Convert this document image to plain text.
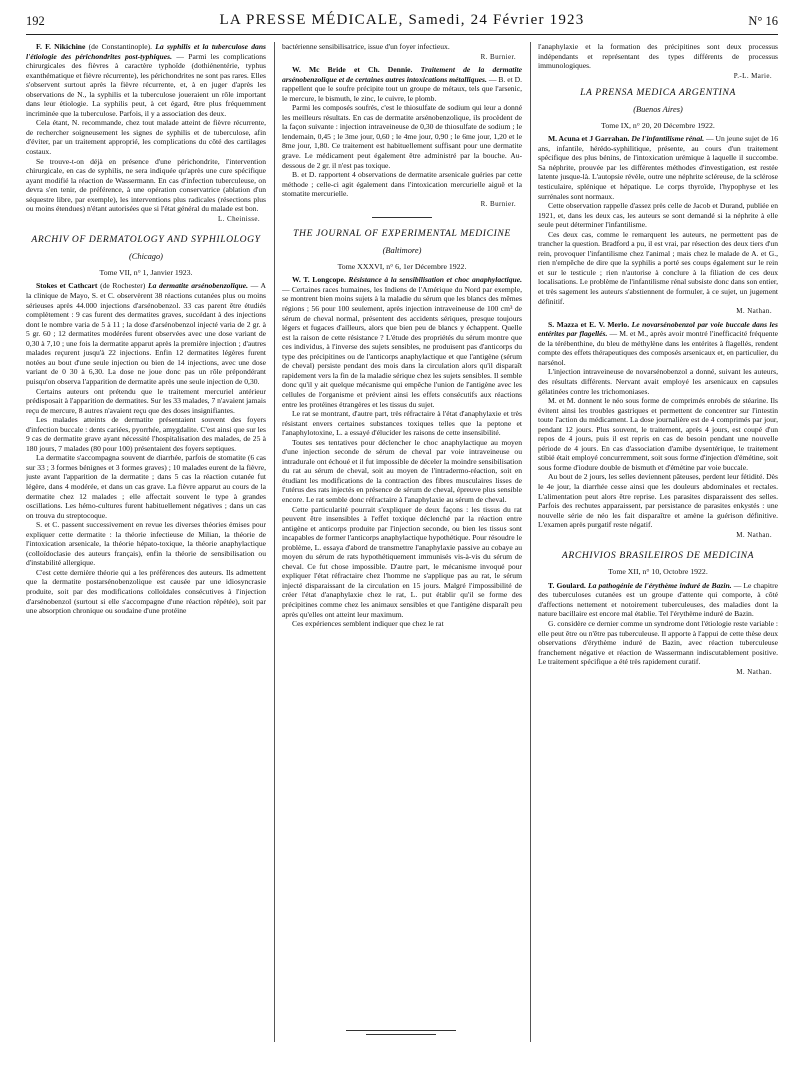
192	LA PRESSE MÉDICALE, Samedi, 24 Février 1923	N° 16

F. F. Nikichine (de Constantinople). La syphilis et la tuberculose dans l'étiologie des périchondrites post-typhiques. — Parmi les complications chirurgicales des fièvres à caractère typhoïde (dothiénentérie, typhus exanthématique et fièvre récurrente), les périchondrites ne sont pas rares. Elles s'observent surtout après la fièvre récurrente, et, à en juger d'après les observations de N., la syphilis et la tuberculose joueraient un rôle important dans leur étiologie. La syphilis peut, à cet égard, être plus fréquemment incriminée que la tuberculose. Parfois, il y a association des deux.

Cela étant, N. recommande, chez tout malade atteint de fièvre récurrente, de rechercher soigneusement les signes de syphilis et de tuberculose, afin d'éviter, par un traitement approprié, les complications du côté des cartilages costaux.

Se trouve-t-on déjà en présence d'une périchondrite, l'intervention chirurgicale, en cas de syphilis, ne sera indiquée qu'après une cure spécifique ayant modifié la réaction de Wassermann. En cas d'infection tuberculeuse, on devra s'en tenir, de préférence, à une opération conservatrice (ablation d'un séquestre libre, par exemple), les interventions plus radicales (résections plus ou moins étendues) n'étant autorisées que si l'état général du malade est bon.

L. Cheinisse.
ARCHIV OF DERMATOLOGY AND SYPHILOLOGY
(Chicago)
Tome VII, n° 1, Janvier 1923.

Stokes et Cathcart (de Rochester) La dermatite arsénobenzolique. — A la clinique de Mayo, S. et C. observèrent 38 réactions cutanées plus ou moins sérieuses après 44.000 injections d'arsénobenzol. 33 cas parent être étudiés complètement : 9 cas furent des dermatites graves, succédant à des injections dont le nombre varia de 5 à 11 ; la dose d'arsénobenzol injecté varia de 2 gr. à 5 gr. 60 ; 12 dermatites modérées furent observées avec une dose variant de 0,30 à 7,10 ; une fois la dermatite apparut après la première injection ; d'autres malades reçurent jusqu'à 22 injections. Enfin 12 dermatites légères furent notées au bout d'une seule injection ou bien de 14 injections, avec une dose variant de 0 30 à 6,30. La dose ne joue donc pas un rôle prépondérant puisqu'on observa l'apparition de dermatite après une seule injection de 0,30.

Certains auteurs ont prétendu que le traitement mercuriel antérieur prédisposait à l'apparition de dermatites. Sur les 33 malades, 7 n'avaient jamais reçu de mercure, 8 autres n'avaient reçu que des doses insignifiantes.

Les malades atteints de dermatite présentaient souvent des foyers d'infection buccale : dents cariées, pyorrhée, amygdalite. C'est ainsi que sur les 9 cas de dermatite grave ayant nécessité l'hospitalisation des malades, de 25 à 180 jours, 7 malades (80 pour 100) présentaient des foyers septiques.

La dermatite s'accompagna souvent de diarrhée, parfois de stomatite (6 cas sur 33 ; 3 formes bénignes et 3 formes graves) ; 10 malades eurent de la fièvre, juste avant l'apparition de la dermatite ; dans 5 cas la réaction cutanée fut légère, dans 4 modérée, et dans un cas grave. La fièvre apparut au cours de la dermatite chez 12 malades ; elle affectait souvent le type à grandes oscillations. Les hémo-cultures furent habituellement négatives ; dans un cas on trouva du streptocoque.

S. et C. passent successivement en revue les diverses théories émises pour expliquer cette dermatite : la théorie infectieuse de Milian, la théorie de l'intoxication arsenicale, la théorie hépato-toxique, la théorie anaphylactique (colloïdoclasie des auteurs français), enfin la théorie de sensibilisation ou d'instabilité allergique.

C'est cette dernière théorie qui a les préférences des auteurs. Ils admettent que la dermatite postarsénobenzolique est causée par une idiosyncrasie produite, soit par des modifications colloïdales consécutives à l'injection d'arsénobenzol (surtout si elle s'accompagne d'une réaction répétée), soit par une absorption chronique ou soudaine d'une protéine

bactérienne sensibilisatrice, issue d'un foyer infectieux.

R. Burnier.

W. Mc Bride et Ch. Dennie. Traitement de la dermatite arsénobenzolique et de certaines autres intoxications métalliques. — B. et D. rappellent que le soufre précipite tout un groupe de métaux, tels que l'arsenic, le mercure, le bismuth, le zinc, le cuivre, le plomb.

Parmi les composés soufrés, c'est le thiosulfate de sodium qui leur a donné les meilleurs résultats. En cas de dermatite arsénobenzolique, ils procèdent de la façon suivante : injection intraveineuse de 0,30 de thiosulfate de sodium ; le lendemain, 0,45 ; le 3me jour, 0,60 ; le 4me jour, 0,90 ; le 6me jour, 1,20 et le 8me jour, 1,80. Ce traitement est habituellement suffisant pour une dermatite grave. Le médicament peut également être administré par la bouche. Au-dessous de 2 gr. il n'est pas toxique.

B. et D. rapportent 4 observations de dermatite arsenicale guéries par cette méthode ; celle-ci agit également dans l'intoxication mercurielle aiguë et la stomatite mercurielle.

R. Burnier.
THE JOURNAL OF EXPERIMENTAL MEDICINE
(Baltimore)
Tome XXXVI, n° 6, 1er Décembre 1922.

W. T. Longcope. Résistance à la sensibilisation et choc anaphylactique. — Certaines races humaines, les Indiens de l'Amérique du Nord par exemple, se montrent bien moins sujets à la maladie du sérum que les blancs des mêmes régions ; 56 pour 100 seulement, après injection intraveineuse de 100 cm³ de sérum de cheval normal, présentent des accidents sériques, presque toujours légers et fugaces d'ailleurs, alors que bien peu de blancs y échappent. Quelle est la raison de cette résistance ? L'étude des propriétés du sérum montre que ces individus, à l'inverse des sujets sensibles, ne produisent pas d'anticorps du type des précipitines ou de l'anticorps anaphylactique et que l'antigène (sérum de cheval) persiste pendant des mois dans la circulation alors qu'il disparaît rapidement vers la fin de la maladie sérique chez les sujets sensibles. Il semble donc qu'il y ait quelque mécanisme qui empêche l'union de l'antigène avec les cellules de l'organisme et prévient ainsi les effets consécutifs aux réactions entre les protéines étrangères et les tissus du sujet.

Le rat se montrant, d'autre part, très réfractaire à l'état d'anaphylaxie et très résistant envers certaines substances toxiques telles que la peptone et l'anaphylotoxine, L. a essayé d'élucider les raisons de cette insensibilité.

Toutes ses tentatives pour déclencher le choc anaphylactique au moyen d'une injection seconde de sérum de cheval par voie intraveineuse ou intradurale ont échoué et il fut impossible de déceler la moindre sensibilisation du rat au sérum de cheval, soit au moyen de l'intradermo-réaction, soit en étudiant les modifications de la contraction des fibres musculaires lisses de l'utérus des rats injectés en présence de sérum de cheval, épreuve plus sensible encore. Le rat semble donc réfractaire à l'anaphylaxie au sérum de cheval.

Cette particularité pourrait s'expliquer de deux façons : les tissus du rat peuvent être insensibles à l'effet toxique déclenché par la réaction entre antigène et anticorps produite par l'injection seconde, ou bien les tissus sont incapables de former l'anticorps anaphylactique hypothétique. Pour résoudre le problème, L. essaya d'abord de transmettre l'anaphylaxie passive au cobaye au moyen du sérum de rats hypothétiquement immunisés vis-à-vis du sérum de cheval. Ce fut chose impossible. D'autre part, le mécanisme invoqué pour expliquer l'état réfractaire chez l'homme ne s'applique pas au rat, le sérum injecté disparaissant de la circulation en 15 jours. Malgré l'impossibilité de créer l'état d'anaphylaxie chez le rat, L. put établir qu'il se forme des précipitines comme chez les animaux sensibles et que l'antigène disparaît peu après qu'elles ont atteint leur maximum.

Ces expériences semblent indiquer que chez le rat

l'anaphylaxie et la formation des précipitines sont deux processus indépendants et représentant des types différents de processus immunologiques.

P.-L. Marie.
LA PRENSA MEDICA ARGENTINA
(Buenos Aires)
Tome IX, n° 20, 20 Décembre 1922.

M. Acuna et J Garrahan. De l'infantilisme rénal. — Un jeune sujet de 16 ans, infantile, hérédo-syphilitique, présente, au cours d'un traitement spécifique des plus bénins, de l'intoxication urémique à laquelle il succombe. Sa néphrite, prouvée par les différentes méthodes d'investigation, est restée latente jusque-là. L'autopsie révèle, outre une néphrite scléreuse, de la sclérose testiculaire, splénique et hépatique. Le corps thyroïde, l'hypophyse et les surrénales sont normaux.

Cette observation rappelle d'assez près celle de Jacob et Durand, publiée en 1921, et, dans les deux cas, les auteurs se sont demandé si la néphrite à elle seule peut déterminer l'infantilisme.

Ces deux cas, comme le remarquent les auteurs, ne permettent pas de trancher la question. Bradford a pu, il est vrai, par résection des deux tiers d'un rein, provoquer l'infantilisme chez l'animal ; mais chez le malade de A. et G., rien n'empêche de dire que la syphilis a porté ses coups également sur le rein et sur le testicule ; rien n'autorise à conclure à la filiation de ces deux localisations. Le problème de l'infantilisme rénal subsiste donc dans son entier, et très sagement les auteurs s'abstiennent de formuler, à ce sujet, un jugement définitif.

M. Nathan.

S. Mazza et E. V. Merlo. Le novarsénobenzol par voie buccale dans les entérites par flagellés. — M. et M., après avoir montré l'inefficacité fréquente de la térébenthine, du bleu de méthylène dans les entérites à flagellés, rendent compte des effets thérapeutiques des composés arsenicaux et, en particulier, du narsénol.

L'injection intraveineuse de novarsénobenzol a donné, suivant les auteurs, des résultats différents. Nervant avait employé les arsenicaux en capsules gélatinées contre les trichomoniases.

M. et M. donnent le néo sous forme de comprimés enrobés de stéarine. Ils évitent ainsi les troubles gastriques et permettent de concentrer sur l'intestin toute l'action du médicament. La dose journalière est de 4 comprimés par jour, pendant 12 jours. Plus souvent, le traitement, après 4 jours, est coupé d'un repos de 4 jours, puis il est repris en cas de besoin pendant une nouvelle période de 4 jours. En cas d'association d'amibe dysentérique, le traitement stibié était employé concurremment, soit sous forme d'injection d'émétine, soit sous forme d'iodure double de bismuth et d'émétine par voie buccale.

Au bout de 2 jours, les selles deviennent pâteuses, perdent leur fétidité. Dès le 4e jour, la diarrhée cesse ainsi que les douleurs abdominales et rectales. L'alimentation peut alors être reprise. Les parasites disparaissent des selles. Parfois des rechutes apparaissent, par persistance de parasites enkystés : une nouvelle série de néo les fait disparaître et amène la guérison définitive. L'examen après purgatif reste négatif.

M. Nathan.
ARCHIVIOS BRASILEIROS DE MEDICINA
Tome XII, n° 10, Octobre 1922.

T. Goulard. La pathogénie de l'érythème induré de Bazin. — Le chapitre des tuberculoses cutanées est un groupe d'attente qui comporte, à côté d'affections nettement et notoirement tuberculeuses, des maladies dont la nature bacillaire est encore mal établie. Tel l'érythème induré de Bazin.

G. considère ce dernier comme un syndrome dont l'étiologie reste variable : elle peut être ou n'être pas tuberculeuse. Il apporte à l'appui de cette thèse deux observations d'érythème induré de Bazin, avec réaction tuberculeuse franchement négative et réaction de Wassermann indiscutablement positive. Le traitement spécifique a été très rapidement curatif.

M. Nathan.
